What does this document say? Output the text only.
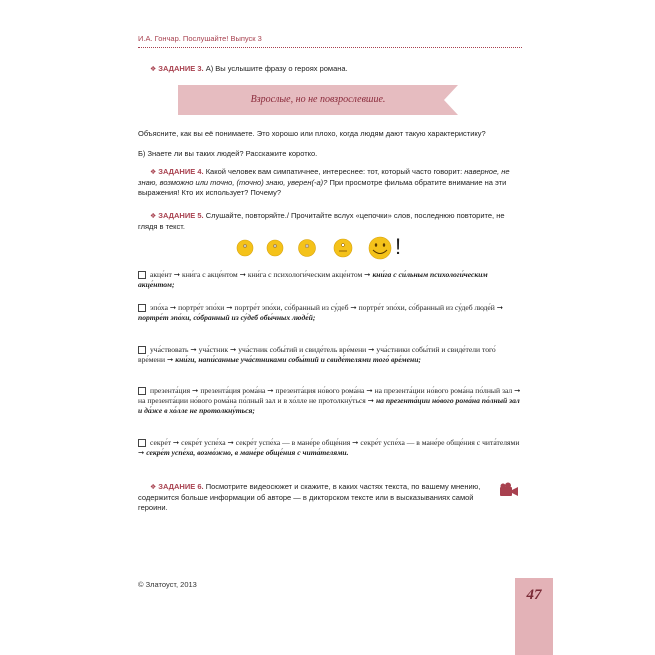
И.А. Гончар. Послушайте! Выпуск 3
❖ ЗАДАНИЕ 3. А) Вы услышите фразу о героях романа.
Взрослые, но не повзрослевшие.
Объясните, как вы её понимаете. Это хорошо или плохо, когда людям дают такую характеристику?
Б) Знаете ли вы таких людей? Расскажите коротко.
❖ ЗАДАНИЕ 4. Какой человек вам симпатичнее, интереснее: тот, который часто говорит: наверное, не знаю, возможно или точно, (точно) знаю, уверен(-а)? При просмотре фильма обратите внимание на эти выражения! Кто их использует? Почему?
❖ ЗАДАНИЕ 5. Слушайте, повторяйте./ Прочитайте вслух «цепочки» слов, последнюю повторите, не глядя в текст.
!
акце́нт ➞ кни́га с акце́нтом ➞ кни́га с психологи́ческим акце́нтом ➞ кни́га с си́льным психологи́ческим акце́нтом;
эпо́ха ➞ портре́т эпо́хи ➞ портре́т эпо́хи, со́бранный из су́деб ➞ портре́т эпо́хи, со́бранный из су́деб люде́й ➞ портре́т эпо́хи, со́бранный из су́деб обы́чных люде́й;
уча́ствовать ➞ уча́стник ➞ уча́стник собы́тий и свиде́тель вре́мени ➞ уча́стники собы́тий и свиде́тели того́ вре́мени ➞ кни́ги, напи́санные уча́стниками собы́тий и свиде́телями того́ вре́мени;
презента́ция ➞ презента́ция рома́на ➞ презента́ция но́вого рома́на ➞ на презента́ции но́вого рома́на по́лный зал ➞ на презента́ции но́вого рома́на по́лный зал и в хо́лле не протолкну́ться ➞ на презента́ции но́вого рома́на по́лный зал и да́же в хо́лле не протолкну́ться;
секре́т ➞ секре́т успе́ха ➞ секре́т успе́ха — в мане́ре обще́ния ➞ секре́т успе́ха — в мане́ре обще́ния с чита́телями ➞ секре́т успе́ха, возмо́жно, в мане́ре обще́ния с чита́телями.
❖ ЗАДАНИЕ 6. Посмотрите видеосюжет и скажите, в каких частях текста, по вашему мнению, содержится больше информации об авторе — в дикторском тексте или в высказываниях самой героини.
© Златоуст, 2013
47
